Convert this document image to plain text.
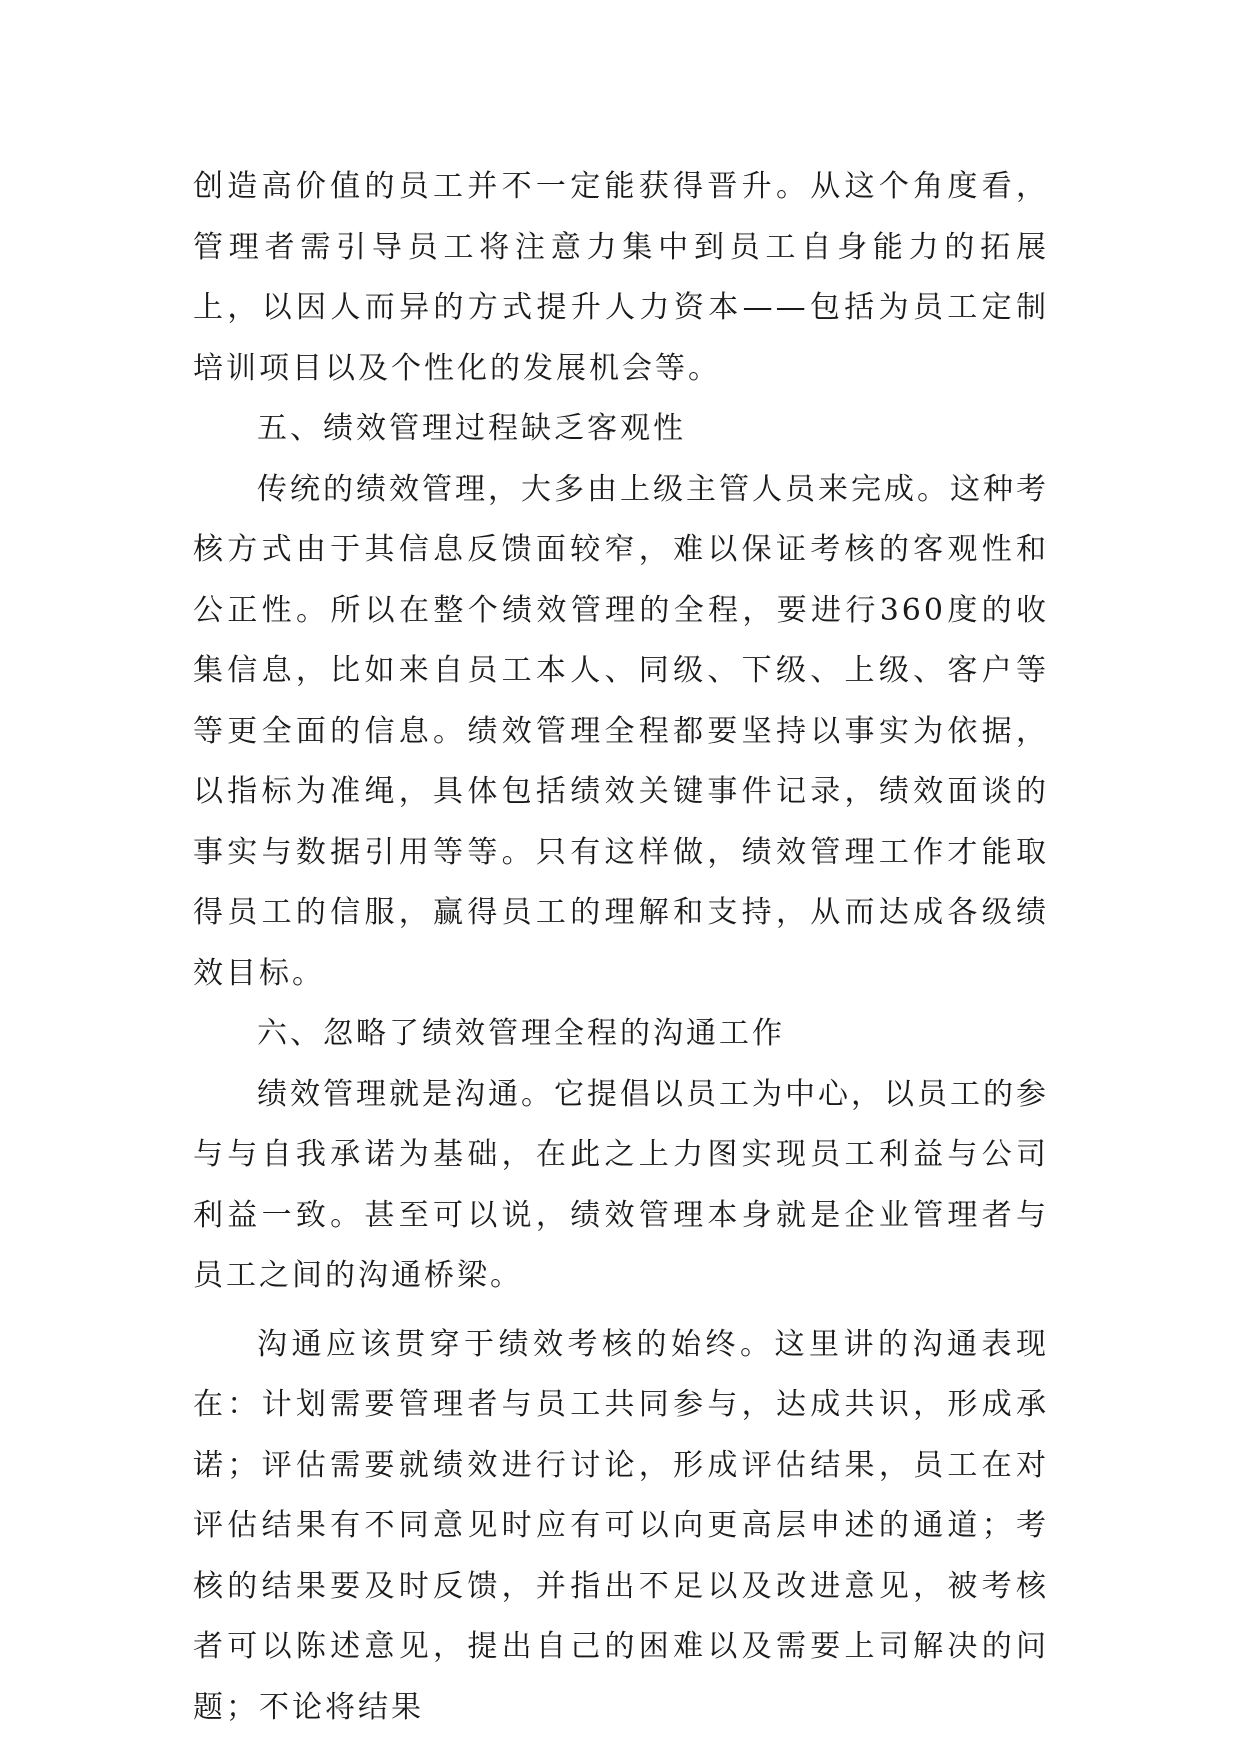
创造高价值的员工并不一定能获得晋升。从这个角度看，管理者需引导员工将注意力集中到员工自身能力的拓展上，以因人而异的方式提升人力资本——包括为员工定制培训项目以及个性化的发展机会等。

五、绩效管理过程缺乏客观性

传统的绩效管理，大多由上级主管人员来完成。这种考核方式由于其信息反馈面较窄，难以保证考核的客观性和公正性。所以在整个绩效管理的全程，要进行360度的收集信息，比如来自员工本人、同级、下级、上级、客户等等更全面的信息。绩效管理全程都要坚持以事实为依据，以指标为准绳，具体包括绩效关键事件记录，绩效面谈的事实与数据引用等等。只有这样做，绩效管理工作才能取得员工的信服，赢得员工的理解和支持，从而达成各级绩效目标。

六、忽略了绩效管理全程的沟通工作

绩效管理就是沟通。它提倡以员工为中心，以员工的参与与自我承诺为基础，在此之上力图实现员工利益与公司利益一致。甚至可以说，绩效管理本身就是企业管理者与员工之间的沟通桥梁。

沟通应该贯穿于绩效考核的始终。这里讲的沟通表现在：计划需要管理者与员工共同参与，达成共识，形成承诺；评估需要就绩效进行讨论，形成评估结果，员工在对评估结果有不同意见时应有可以向更高层申述的通道；考核的结果要及时反馈，并指出不足以及改进意见，被考核者可以陈述意见，提出自己的困难以及需要上司解决的问题；不论将结果
